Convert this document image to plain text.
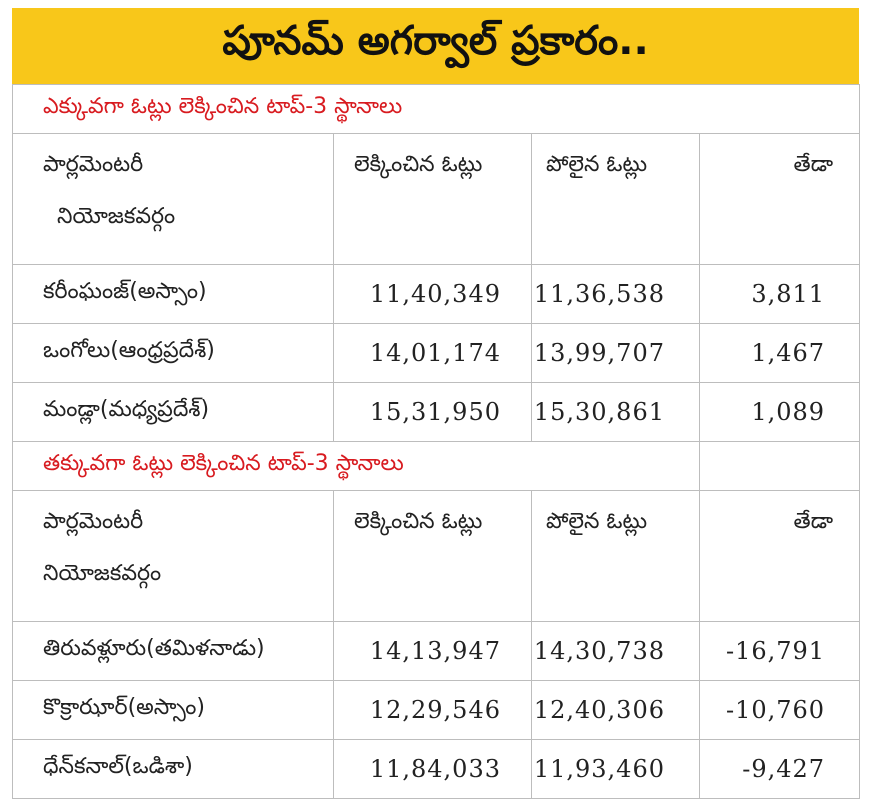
పూనమ్ అగర్వాల్ ప్రకారం..
ఎక్కువగా ఓట్లు లెక్కించిన టాప్-3 స్థానాలు			
పార్లమెంటరీ
నియోజకవర్గం	లెక్కించిన ఓట్లు	పోలైన ఓట్లు	తేడా
కరీంఘంజ్(అస్సాం)	11,40,349	11,36,538	3,811
ఒంగోలు(ఆంధ్రప్రదేశ్)	14,01,174	13,99,707	1,467
మండ్లా(మధ్యప్రదేశ్)	15,31,950	15,30,861	1,089
తక్కువగా ఓట్లు లెక్కించిన టాప్-3 స్థానాలు			
పార్లమెంటరీ
నియోజకవర్గం	లెక్కించిన ఓట్లు	పోలైన ఓట్లు	తేడా
తిరువళ్లూరు(తమిళనాడు)	14,13,947	14,30,738	-16,791
కొక్రాఝార్(అస్సాం)	12,29,546	12,40,306	-10,760
ధేన్‌కనాల్(ఒడిశా)	11,84,033	11,93,460	-9,427
